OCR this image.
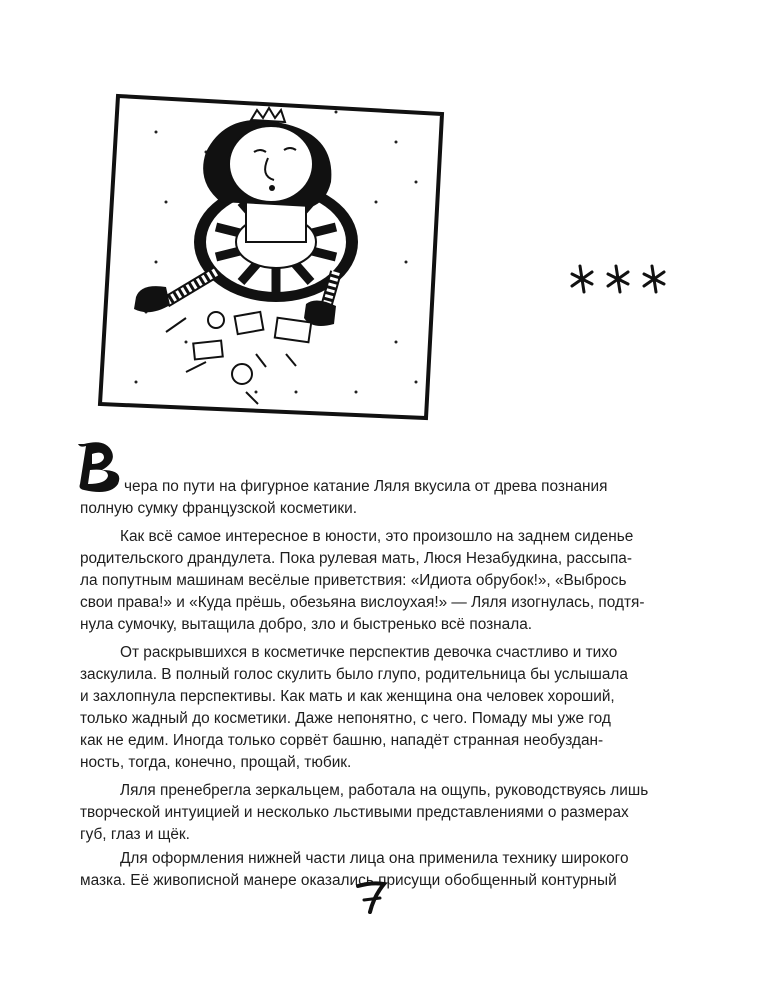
чера по пути на фигурное катание Ляля вкусила от древа познания
полную сумку французской косметики.
Как всё самое интересное в юности, это произошло на заднем сиденье
родительского драндулета. Пока рулевая мать, Люся Незабудкина, рассыпа-
ла попутным машинам весёлые приветствия: «Идиота обрубок!», «Выбрось
свои права!» и «Куда прёшь, обезьяна вислоухая!» — Ляля изогнулась, подтя-
нула сумочку, вытащила добро, зло и быстренько всё познала.
От раскрывшихся в косметичке перспектив девочка счастливо и тихо
заскулила. В полный голос скулить было глупо, родительница бы услышала
и захлопнула перспективы. Как мать и как женщина она человек хороший,
только жадный до косметики. Даже непонятно, с чего. Помаду мы уже год
как не едим. Иногда только сорвёт башню, нападёт странная необуздан-
ность, тогда, конечно, прощай, тюбик.
Ляля пренебрегла зеркальцем, работала на ощупь, руководствуясь лишь
творческой интуицией и несколько льстивыми представлениями о размерах
губ, глаз и щёк.
Для оформления нижней части лица она применила технику широкого
мазка. Её живописной манере оказались присущи обобщенный контурный
